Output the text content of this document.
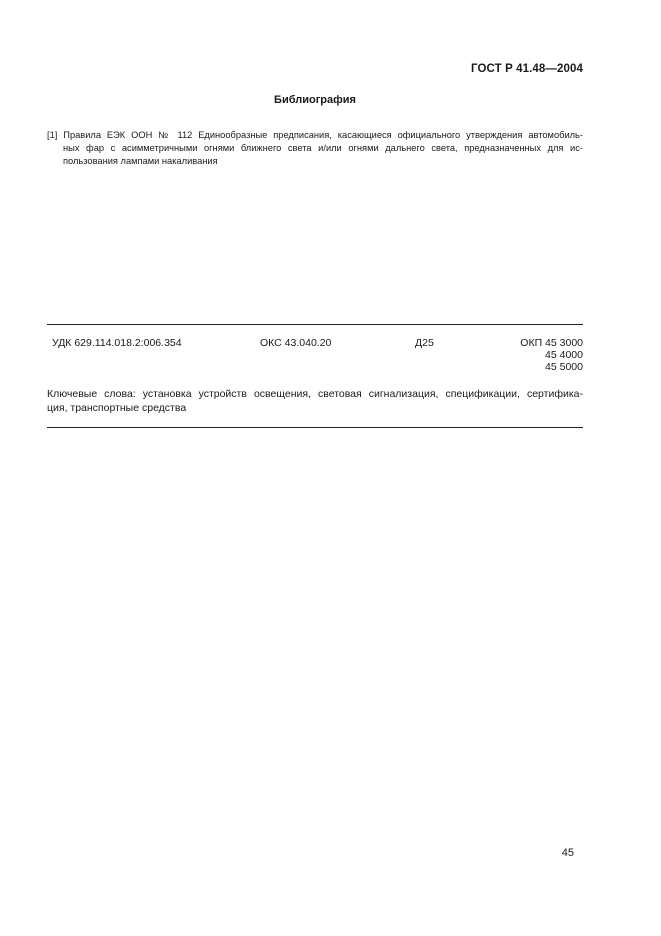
ГОСТ Р 41.48—2004
Библиография
[1] Правила ЕЭК ООН № 112 Единообразные предписания, касающиеся официального утверждения автомобиль-
ных фар с асимметричными огнями ближнего света и/или огнями дальнего света, предназначенных для ис-
пользования лампами накаливания
УДК 629.114.018.2:006.354	ОКС 43.040.20	Д25	ОКП 45 3000
45 4000
45 5000
Ключевые слова: установка устройств освещения, световая сигнализация, спецификации, сертифика-
ция, транспортные средства
45
